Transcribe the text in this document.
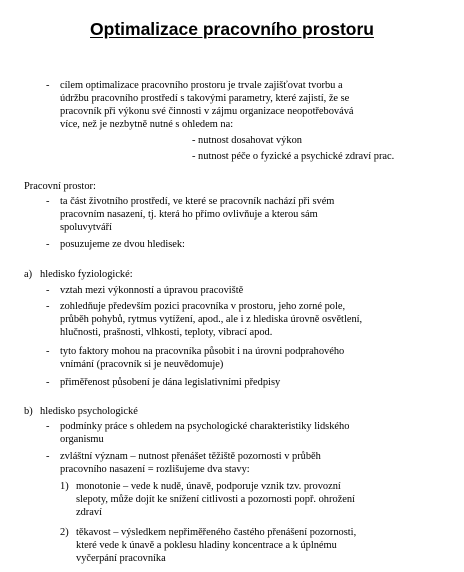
Optimalizace pracovního prostoru
- cílem optimalizace pracovního prostoru je trvale zajišťovat tvorbu a
údržbu pracovního prostředí s takovými parametry, které zajistí, že se
pracovník při výkonu své činnosti v zájmu organizace neopotřebovává
více, než je nezbytně nutné s ohledem na:
- nutnost dosahovat výkon
- nutnost péče o fyzické a psychické zdraví prac.
Pracovní prostor:
- ta část životního prostředí, ve které se pracovník nachází při svém
pracovním nasazení, tj. která ho přímo ovlivňuje a kterou sám
spoluvytváří
- posuzujeme ze dvou hledisek:
a) hledisko fyziologické:
- vztah mezi výkonností a úpravou pracoviště
- zohledňuje především pozici pracovníka v prostoru, jeho zorné pole,
průběh pohybů, rytmus vytížení, apod., ale i z hlediska úrovně osvětlení,
hlučnosti, prašnosti, vlhkosti, teploty, vibrací apod.
- tyto faktory mohou na pracovníka působit i na úrovni podprahového
vnímání (pracovník si je neuvědomuje)
- přiměřenost působení je dána legislativními předpisy
b) hledisko psychologické
- podmínky práce s ohledem na psychologické charakteristiky lidského
organismu
- zvláštní význam – nutnost přenášet těžiště pozornosti v průběh
pracovního nasazení = rozlišujeme dva stavy:
1) monotonie – vede k nudě, únavě, podporuje vznik tzv. provozní
slepoty, může dojít ke snížení citlivosti a pozornosti popř. ohrožení
zdraví
2) těkavost – výsledkem nepřiměřeného častého přenášení pozornosti,
které vede k únavě a poklesu hladiny koncentrace a k úplnému
vyčerpání pracovníka
